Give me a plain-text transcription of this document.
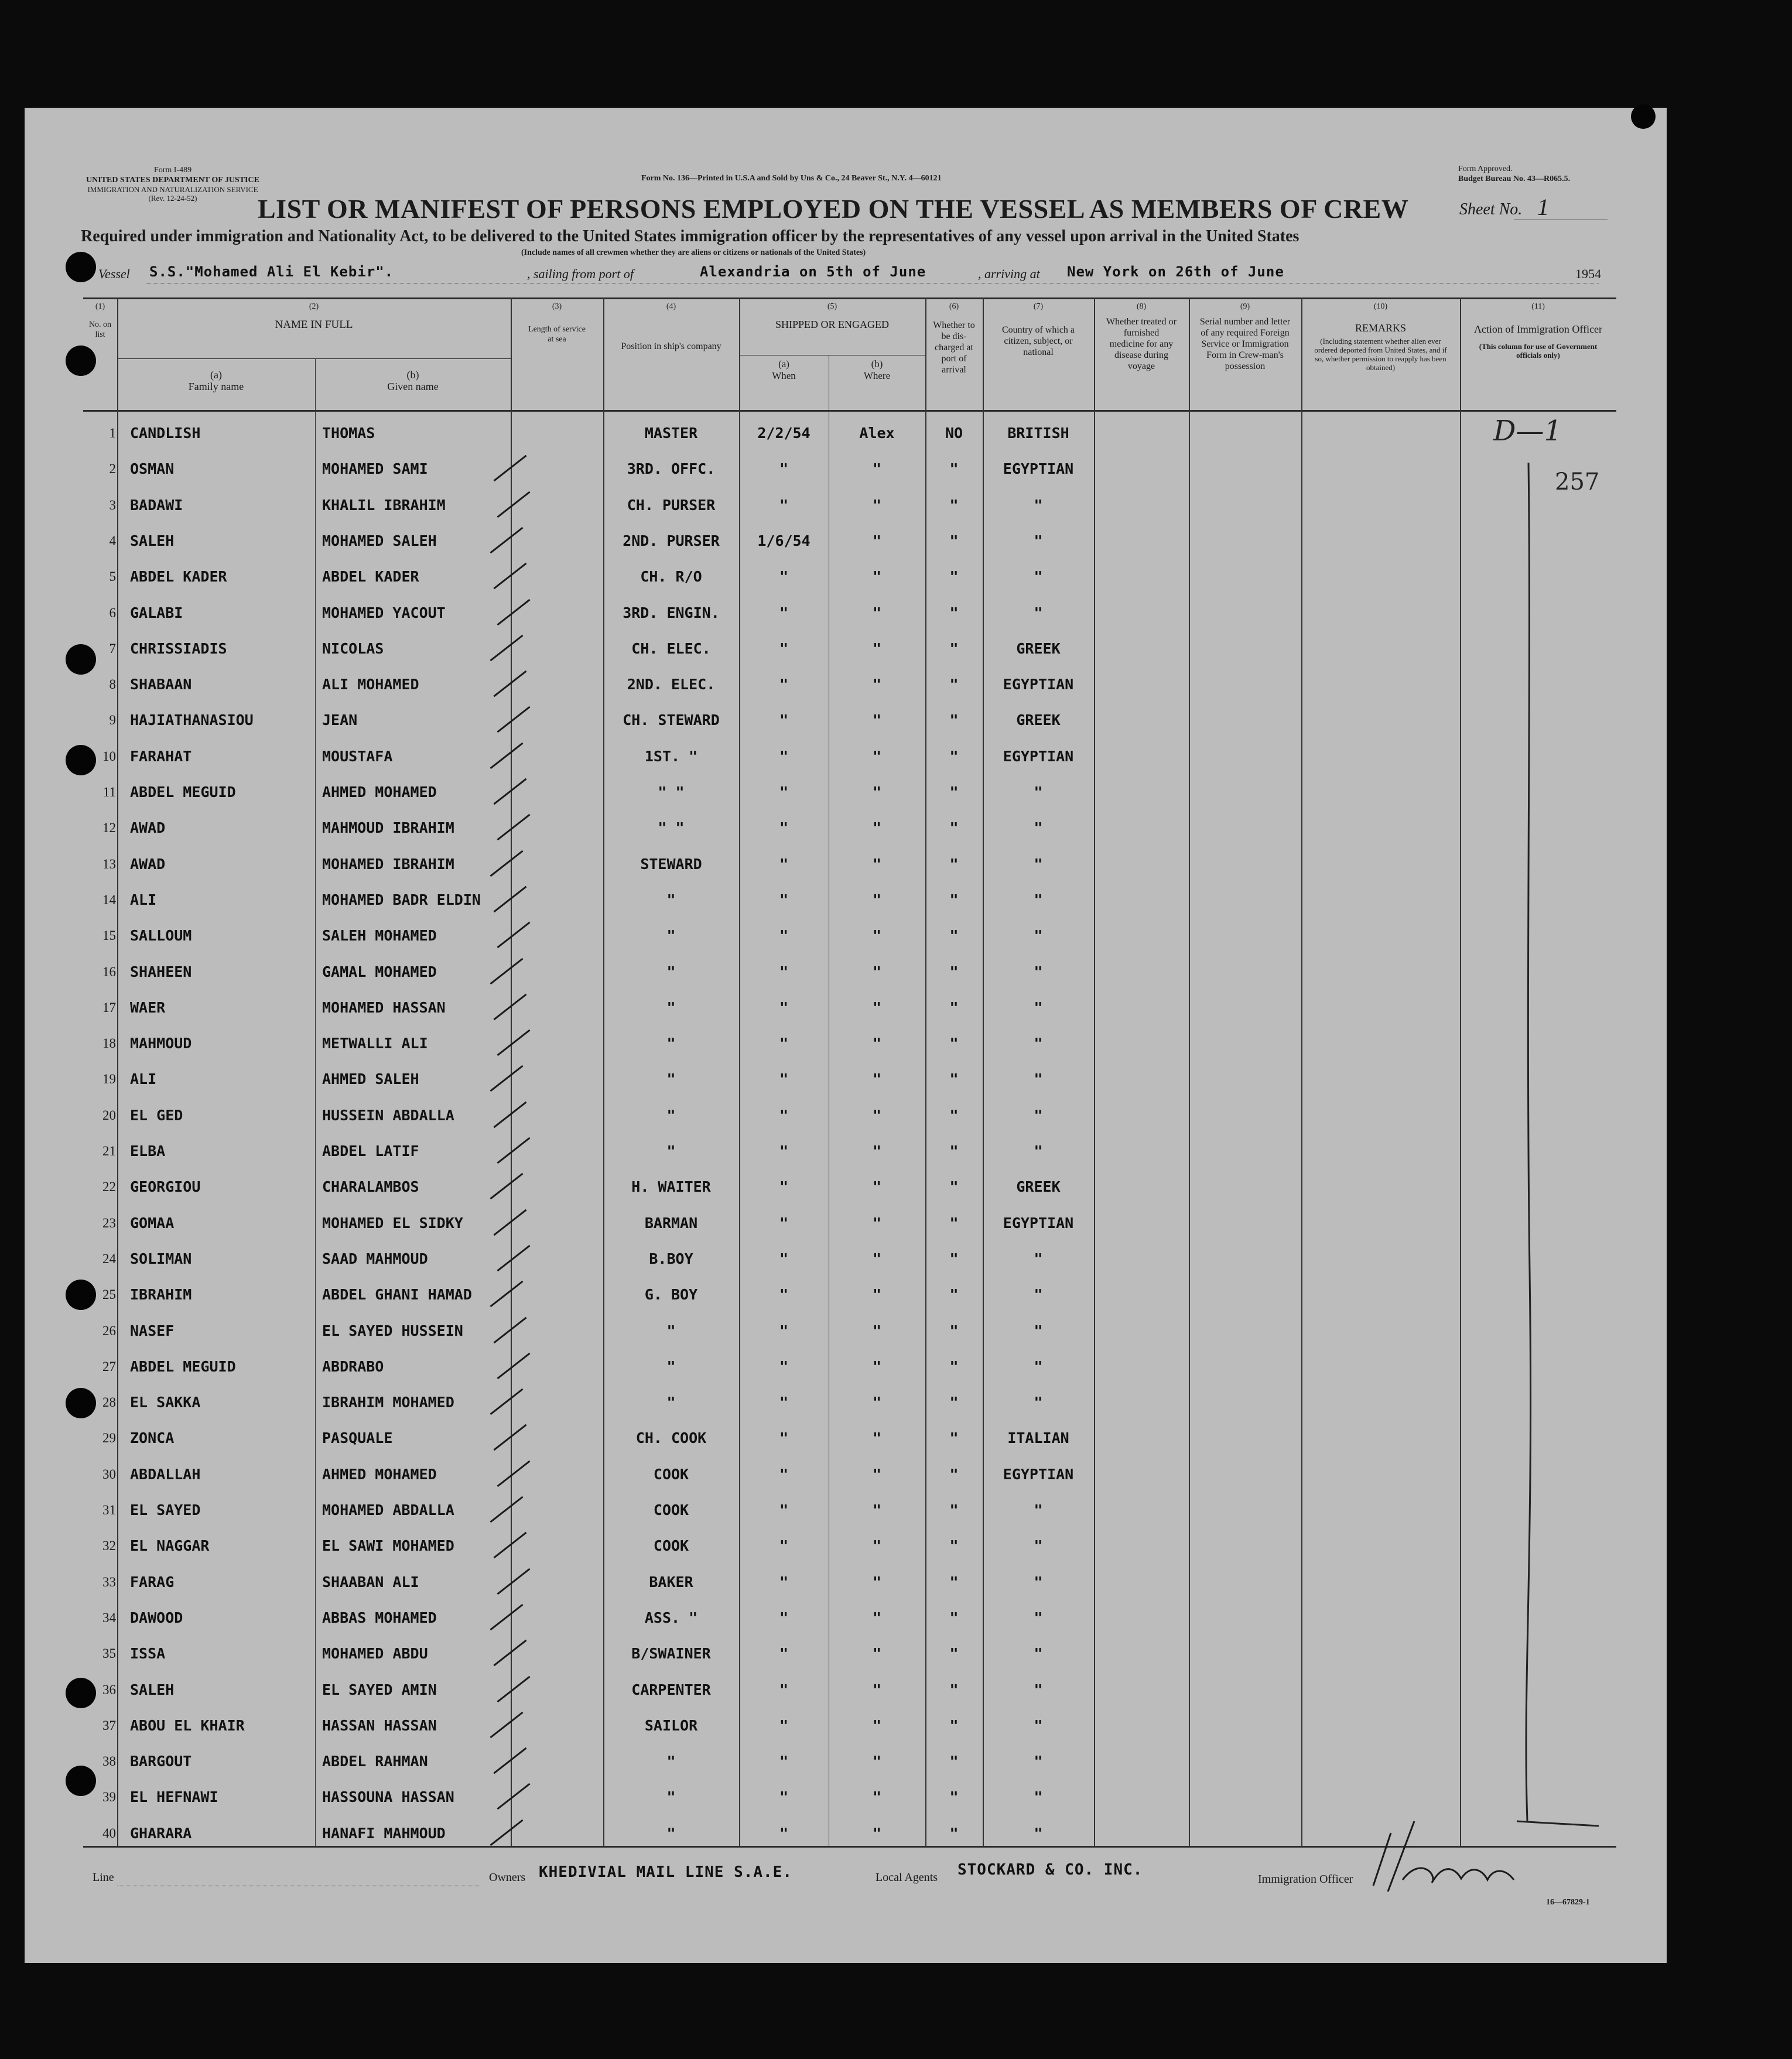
Form I-489
UNITED STATES DEPARTMENT OF JUSTICE
IMMIGRATION AND NATURALIZATION SERVICE
(Rev. 12-24-52)
Form No. 136—Printed in U.S.A and Sold by Uns & Co., 24 Beaver St., N.Y. 4—60121
Form Approved.
Budget Bureau No. 43—R065.5.
LIST OR MANIFEST OF PERSONS EMPLOYED ON THE VESSEL AS MEMBERS OF CREW	Sheet No. 1
Required under immigration and Nationality Act, to be delivered to the United States immigration officer by the representatives of any vessel upon arrival in the United States
(Include names of all crewmen whether they are aliens or citizens or nationals of the United States)
Vessel S.S."Mohamed Ali El Kebir".	, sailing from port of	Alexandria on 5th of June	, arriving at New York on 26th of June	1954
(1)
No. on list
(2)
NAME IN FULL
(a)
Family name
(b)
Given name
(3)
Length of service at sea
(4)
Position in ship's company
(5)
SHIPPED OR ENGAGED
(a)
When
(b)
Where
(6)
Whether to be dis-charged at port of arrival
(7)
Country of which a citizen, subject, or national
(8)
Whether treated or furnished medicine for any disease during voyage
(9)
Serial number and letter of any required Foreign Service or Immigration Form in Crew-man's possession
(10)
REMARKS
(Including statement whether alien ever ordered deported from United States, and if so, whether permission to reapply has been obtained)
(11)
Action of Immigration Officer
(This column for use of Government officials only)
1 CANDLISH	THOMAS	MASTER	2/2/54	Alex	NO	BRITISH
2 OSMAN	MOHAMED SAMI	3RD. OFFC.	"	"	"	EGYPTIAN
3 BADAWI	KHALIL IBRAHIM	CH. PURSER	"	"	"	"
4 SALEH	MOHAMED SALEH	2ND. PURSER	1/6/54	"	"	"
5 ABDEL KADER	ABDEL KADER	CH. R/O	"	"	"	"
6 GALABI	MOHAMED YACOUT	3RD. ENGIN.	"	"	"	"
7 CHRISSIADIS	NICOLAS	CH. ELEC.	"	"	"	GREEK
8 SHABAAN	ALI MOHAMED	2ND. ELEC.	"	"	"	EGYPTIAN
9 HAJIATHANASIOU	JEAN	CH. STEWARD	"	"	"	GREEK
10 FARAHAT	MOUSTAFA	1ST. "	"	"	"	EGYPTIAN
11 ABDEL MEGUID	AHMED MOHAMED	" "	"	"	"	"
12 AWAD	MAHMOUD IBRAHIM	" "	"	"	"	"
13 AWAD	MOHAMED IBRAHIM	STEWARD	"	"	"	"
14 ALI	MOHAMED BADR ELDIN	"	"	"	"	"
15 SALLOUM	SALEH MOHAMED	"	"	"	"	"
16 SHAHEEN	GAMAL MOHAMED	"	"	"	"	"
17 WAER	MOHAMED HASSAN	"	"	"	"	"
18 MAHMOUD	METWALLI ALI	"	"	"	"	"
19 ALI	AHMED SALEH	"	"	"	"	"
20 EL GED	HUSSEIN ABDALLA	"	"	"	"	"
21 ELBA	ABDEL LATIF	"	"	"	"	"
22 GEORGIOU	CHARALAMBOS	H. WAITER	"	"	"	GREEK
23 GOMAA	MOHAMED EL SIDKY	BARMAN	"	"	"	EGYPTIAN
24 SOLIMAN	SAAD MAHMOUD	B.BOY	"	"	"	"
25 IBRAHIM	ABDEL GHANI HAMAD	G. BOY	"	"	"	"
26 NASEF	EL SAYED HUSSEIN	"	"	"	"	"
27 ABDEL MEGUID	ABDRABO	"	"	"	"	"
28 EL SAKKA	IBRAHIM MOHAMED	"	"	"	"	"
29 ZONCA	PASQUALE	CH. COOK	"	"	"	ITALIAN
30 ABDALLAH	AHMED MOHAMED	COOK	"	"	"	EGYPTIAN
31 EL SAYED	MOHAMED ABDALLA	COOK	"	"	"	"
32 EL NAGGAR	EL SAWI MOHAMED	COOK	"	"	"	"
33 FARAG	SHAABAN ALI	BAKER	"	"	"	"
34 DAWOOD	ABBAS MOHAMED	ASS. "	"	"	"	"
35 ISSA	MOHAMED ABDU	B/SWAINER	"	"	"	"
36 SALEH	EL SAYED AMIN	CARPENTER	"	"	"	"
37 ABOU EL KHAIR	HASSAN HASSAN	SAILOR	"	"	"	"
38 BARGOUT	ABDEL RAHMAN	"	"	"	"	"
39 EL HEFNAWI	HASSOUNA HASSAN	"	"	"	"	"
40 GHARARA	HANAFI MAHMOUD	"	"	"	"	"
D—1
257
Line	Owners KHEDIVIAL MAIL LINE S.A.E.	Local Agents STOCKARD & CO. INC.
Immigration Officer
16—67829-1
